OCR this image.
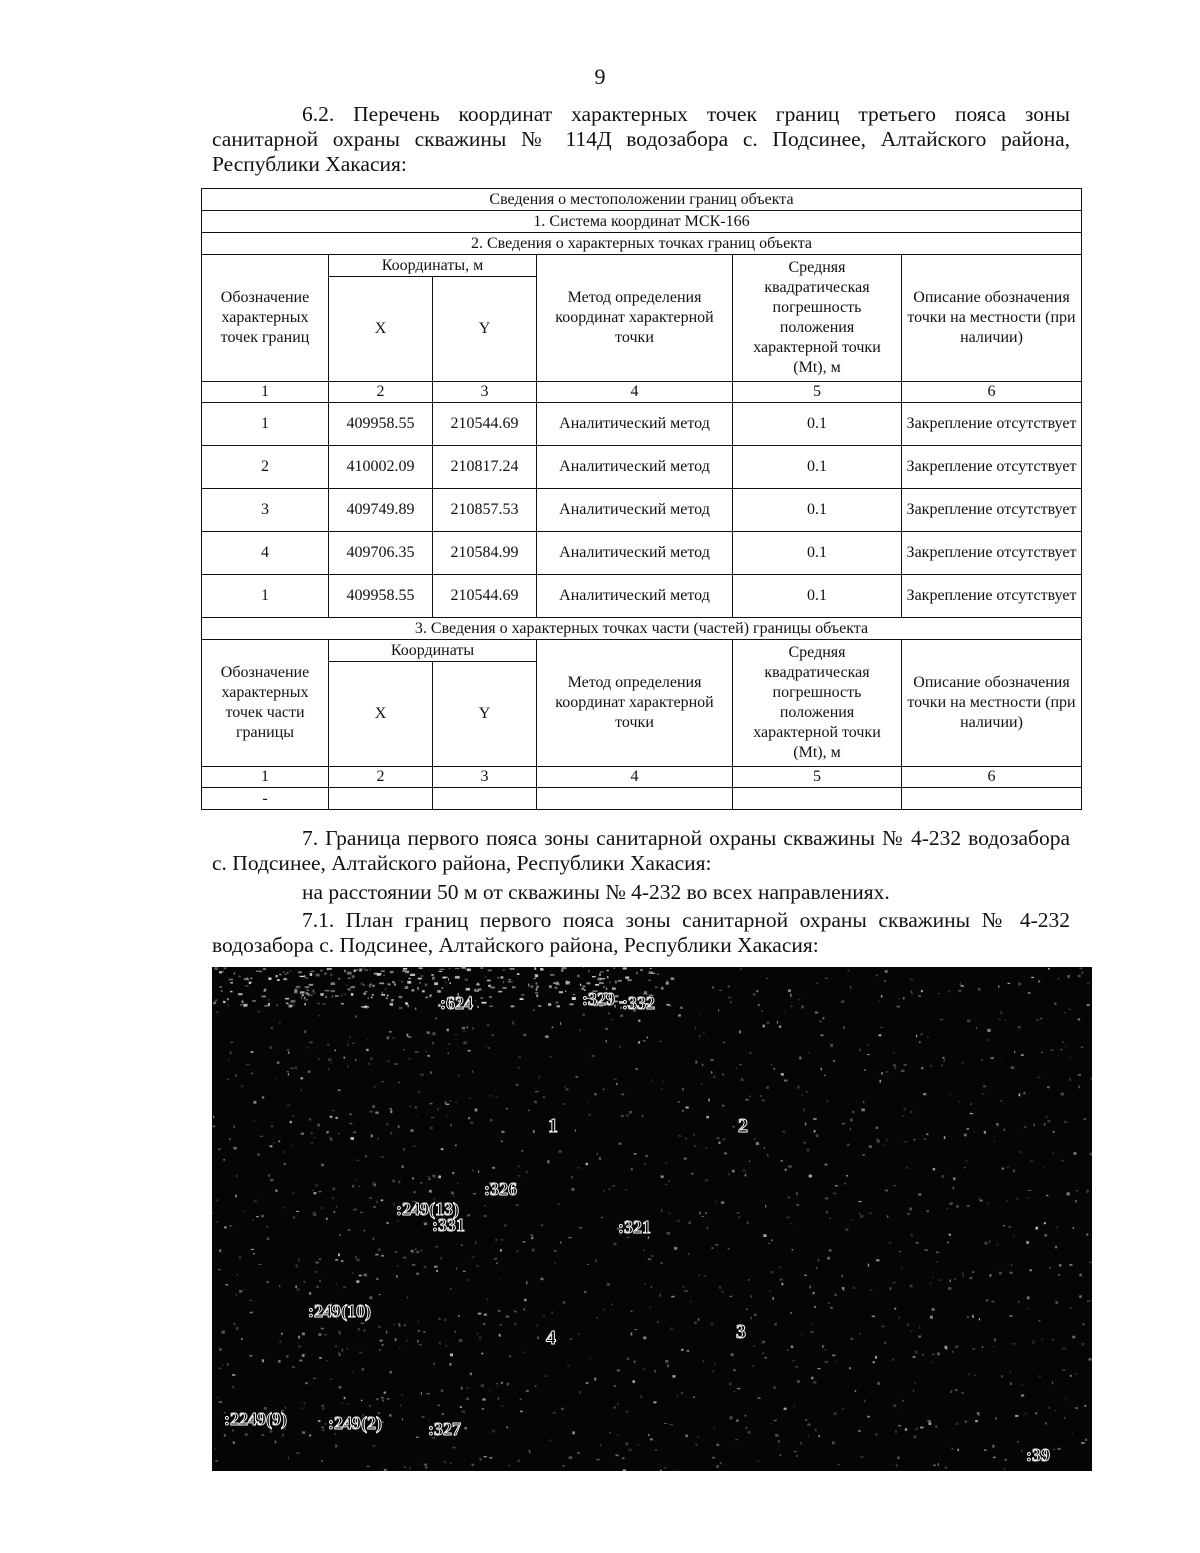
9

6.2. Перечень координат характерных точек границ третьего пояса зоны санитарной охраны скважины № 114Д водозабора с. Подсинее, Алтайского района, Республики Хакасия:

Сведения о местоположении границ объекта					
1. Система координат МСК-166					
2. Сведения о характерных точках границ объекта					
Обозначение характерных точек границ	Координаты, м		Метод определения координат характерной точки	Средняя квадратическая погрешность положения характерной точки (Mt), м	Описание обозначения точки на местности (при наличии)
	X	Y			
1	2	3	4	5	6
1	409958.55	210544.69	Аналитический метод	0.1	Закрепление отсутствует
2	410002.09	210817.24	Аналитический метод	0.1	Закрепление отсутствует
3	409749.89	210857.53	Аналитический метод	0.1	Закрепление отсутствует
4	409706.35	210584.99	Аналитический метод	0.1	Закрепление отсутствует
1	409958.55	210544.69	Аналитический метод	0.1	Закрепление отсутствует
3. Сведения о характерных точках части (частей) границы объекта					
Обозначение характерных точек части границы	Координаты		Метод определения координат характерной точки	Средняя квадратическая погрешность положения характерной точки (Mt), м	Описание обозначения точки на местности (при наличии)
	X	Y			
1	2	3	4	5	6
-					

7. Граница первого пояса зоны санитарной охраны скважины № 4-232 водозабора с. Подсинее, Алтайского района, Республики Хакасия:

на расстоянии 50 м от скважины № 4-232 во всех направлениях.

7.1. План границ первого пояса зоны санитарной охраны скважины № 4-232 водозабора с. Подсинее, Алтайского района, Республики Хакасия:

:624	:329 :332
1	2
:326
:249(13)
:331	:321
:249(10)
4	3
:2249(9) :249(2)	:327
:39
